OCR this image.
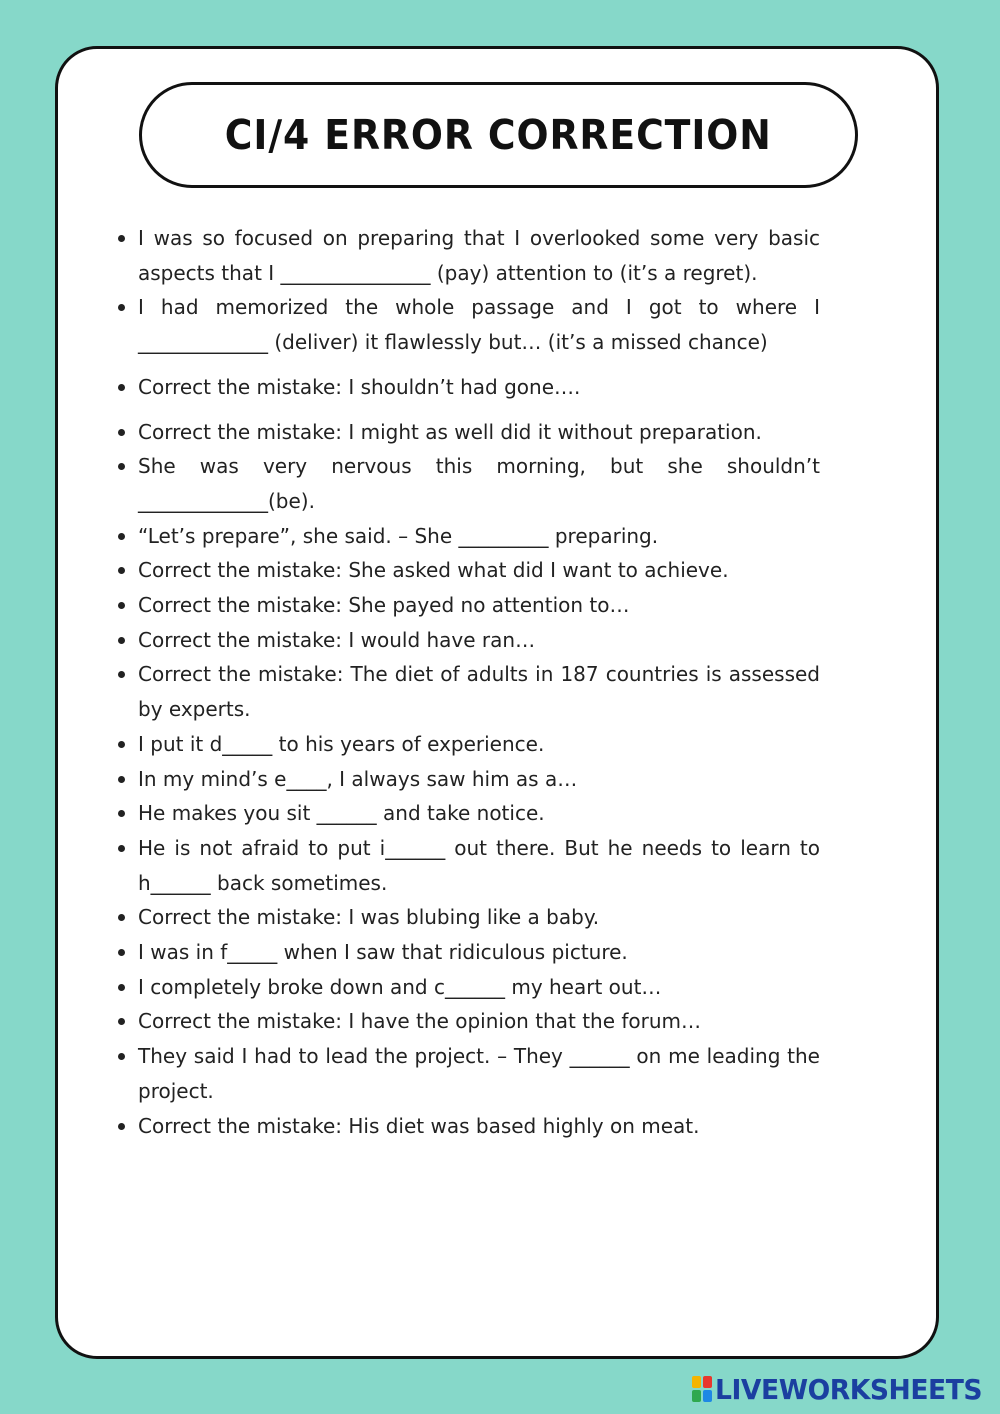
CI/4 ERROR CORRECTION
I was so focused on preparing that I overlooked some very basic aspects that I _______________ (pay) attention to (it’s a regret).
I had memorized the whole passage and I got to where I _____________ (deliver) it flawlessly but… (it’s a missed chance)
Correct the mistake: I shouldn’t had gone….
Correct the mistake: I might as well did it without preparation.
She was very nervous this morning, but she shouldn’t _____________(be).
“Let’s prepare”, she said. – She _________ preparing.
Correct the mistake: She asked what did I want to achieve.
Correct the mistake: She payed no attention to…
Correct the mistake: I would have ran…
Correct the mistake: The diet of adults in 187 countries is assessed by experts.
I put it d_____ to his years of experience.
In my mind’s e____, I always saw him as a…
He makes you sit ______ and take notice.
He is not afraid to put i______ out there. But he needs to learn to h______ back sometimes.
Correct the mistake: I was blubing like a baby.
I was in f_____ when I saw that ridiculous picture.
I completely broke down and c______ my heart out…
Correct the mistake: I have the opinion that the forum…
They said I had to lead the project. – They ______ on me leading the project.
Correct the mistake: His diet was based highly on meat.
LIVEWORKSHEETS
